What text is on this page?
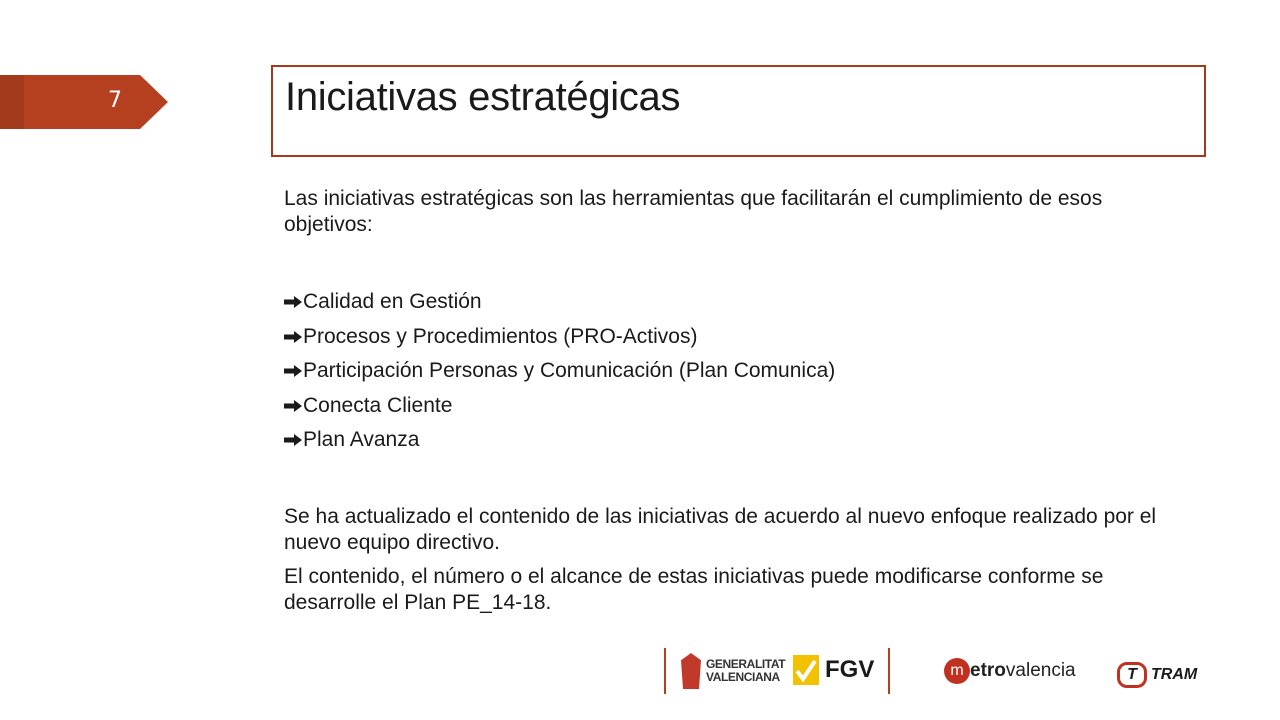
7	Iniciativas estratégicas

Las iniciativas estratégicas son las herramientas que facilitarán el cumplimiento de esos objetivos:

Calidad en Gestión
Procesos y Procedimientos (PRO-Activos)
Participación Personas y Comunicación (Plan Comunica)
Conecta Cliente
Plan Avanza

Se ha actualizado el contenido de las iniciativas de acuerdo al nuevo enfoque realizado por el nuevo equipo directivo.

El contenido, el número o el alcance de estas iniciativas puede modificarse conforme se desarrolle el Plan PE_14-18.

GENERALITAT
VALENCIANA FGV	m etrovalencia	T TRAM
